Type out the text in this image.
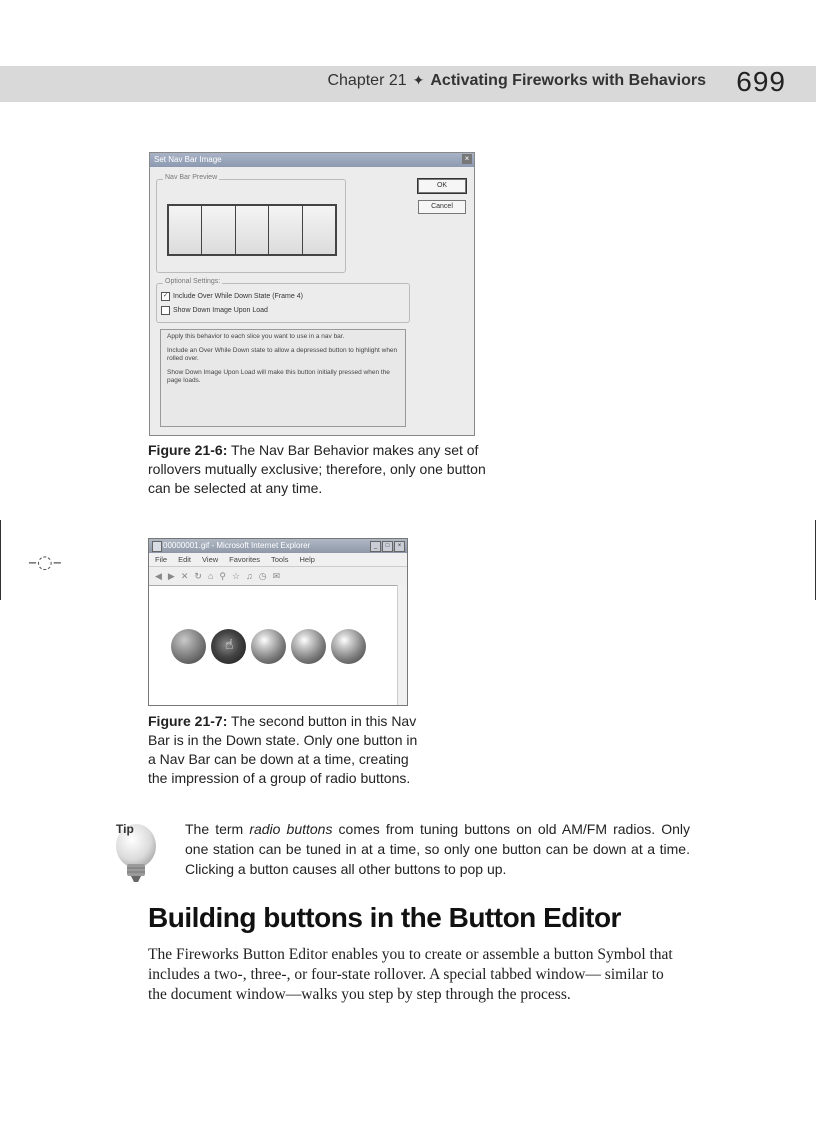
Chapter 21 ✦ Activating Fireworks with Behaviors 699
–◌–
Set Nav Bar Image	×
Nav Bar Preview
OK
Cancel
Optional Settings:
✓ Include Over While Down State (Frame 4)
Show Down Image Upon Load

Apply this behavior to each slice you want to use in a nav bar.

Include an Over While Down state to allow a depressed button to highlight when rolled over.

Show Down Image Upon Load will make this button initially pressed when the page loads.

Figure 21-6: The Nav Bar Behavior makes any set of rollovers mutually exclusive; therefore, only one button can be selected at any time.
00000001.gif - Microsoft Internet Explorer	_	□	×
File Edit View Favorites Tools Help
◀ ▶ ✕ ↻ ⌂ ⚲ ☆ ♫ ◷ ✉
☝
Figure 21-7: The second button in this Nav Bar is in the Down state. Only one button in a Nav Bar can be down at a time, creating the impression of a group of radio buttons.
Tip	The term radio buttons comes from tuning buttons on old AM/FM radios. Only one station can be tuned in at a time, so only one button can be down at a time. Clicking a button causes all other buttons to pop up.
Building buttons in the Button Editor
The Fireworks Button Editor enables you to create or assemble a button Symbol that includes a two-, three-, or four-state rollover. A special tabbed window— similar to the document window—walks you step by step through the process.
